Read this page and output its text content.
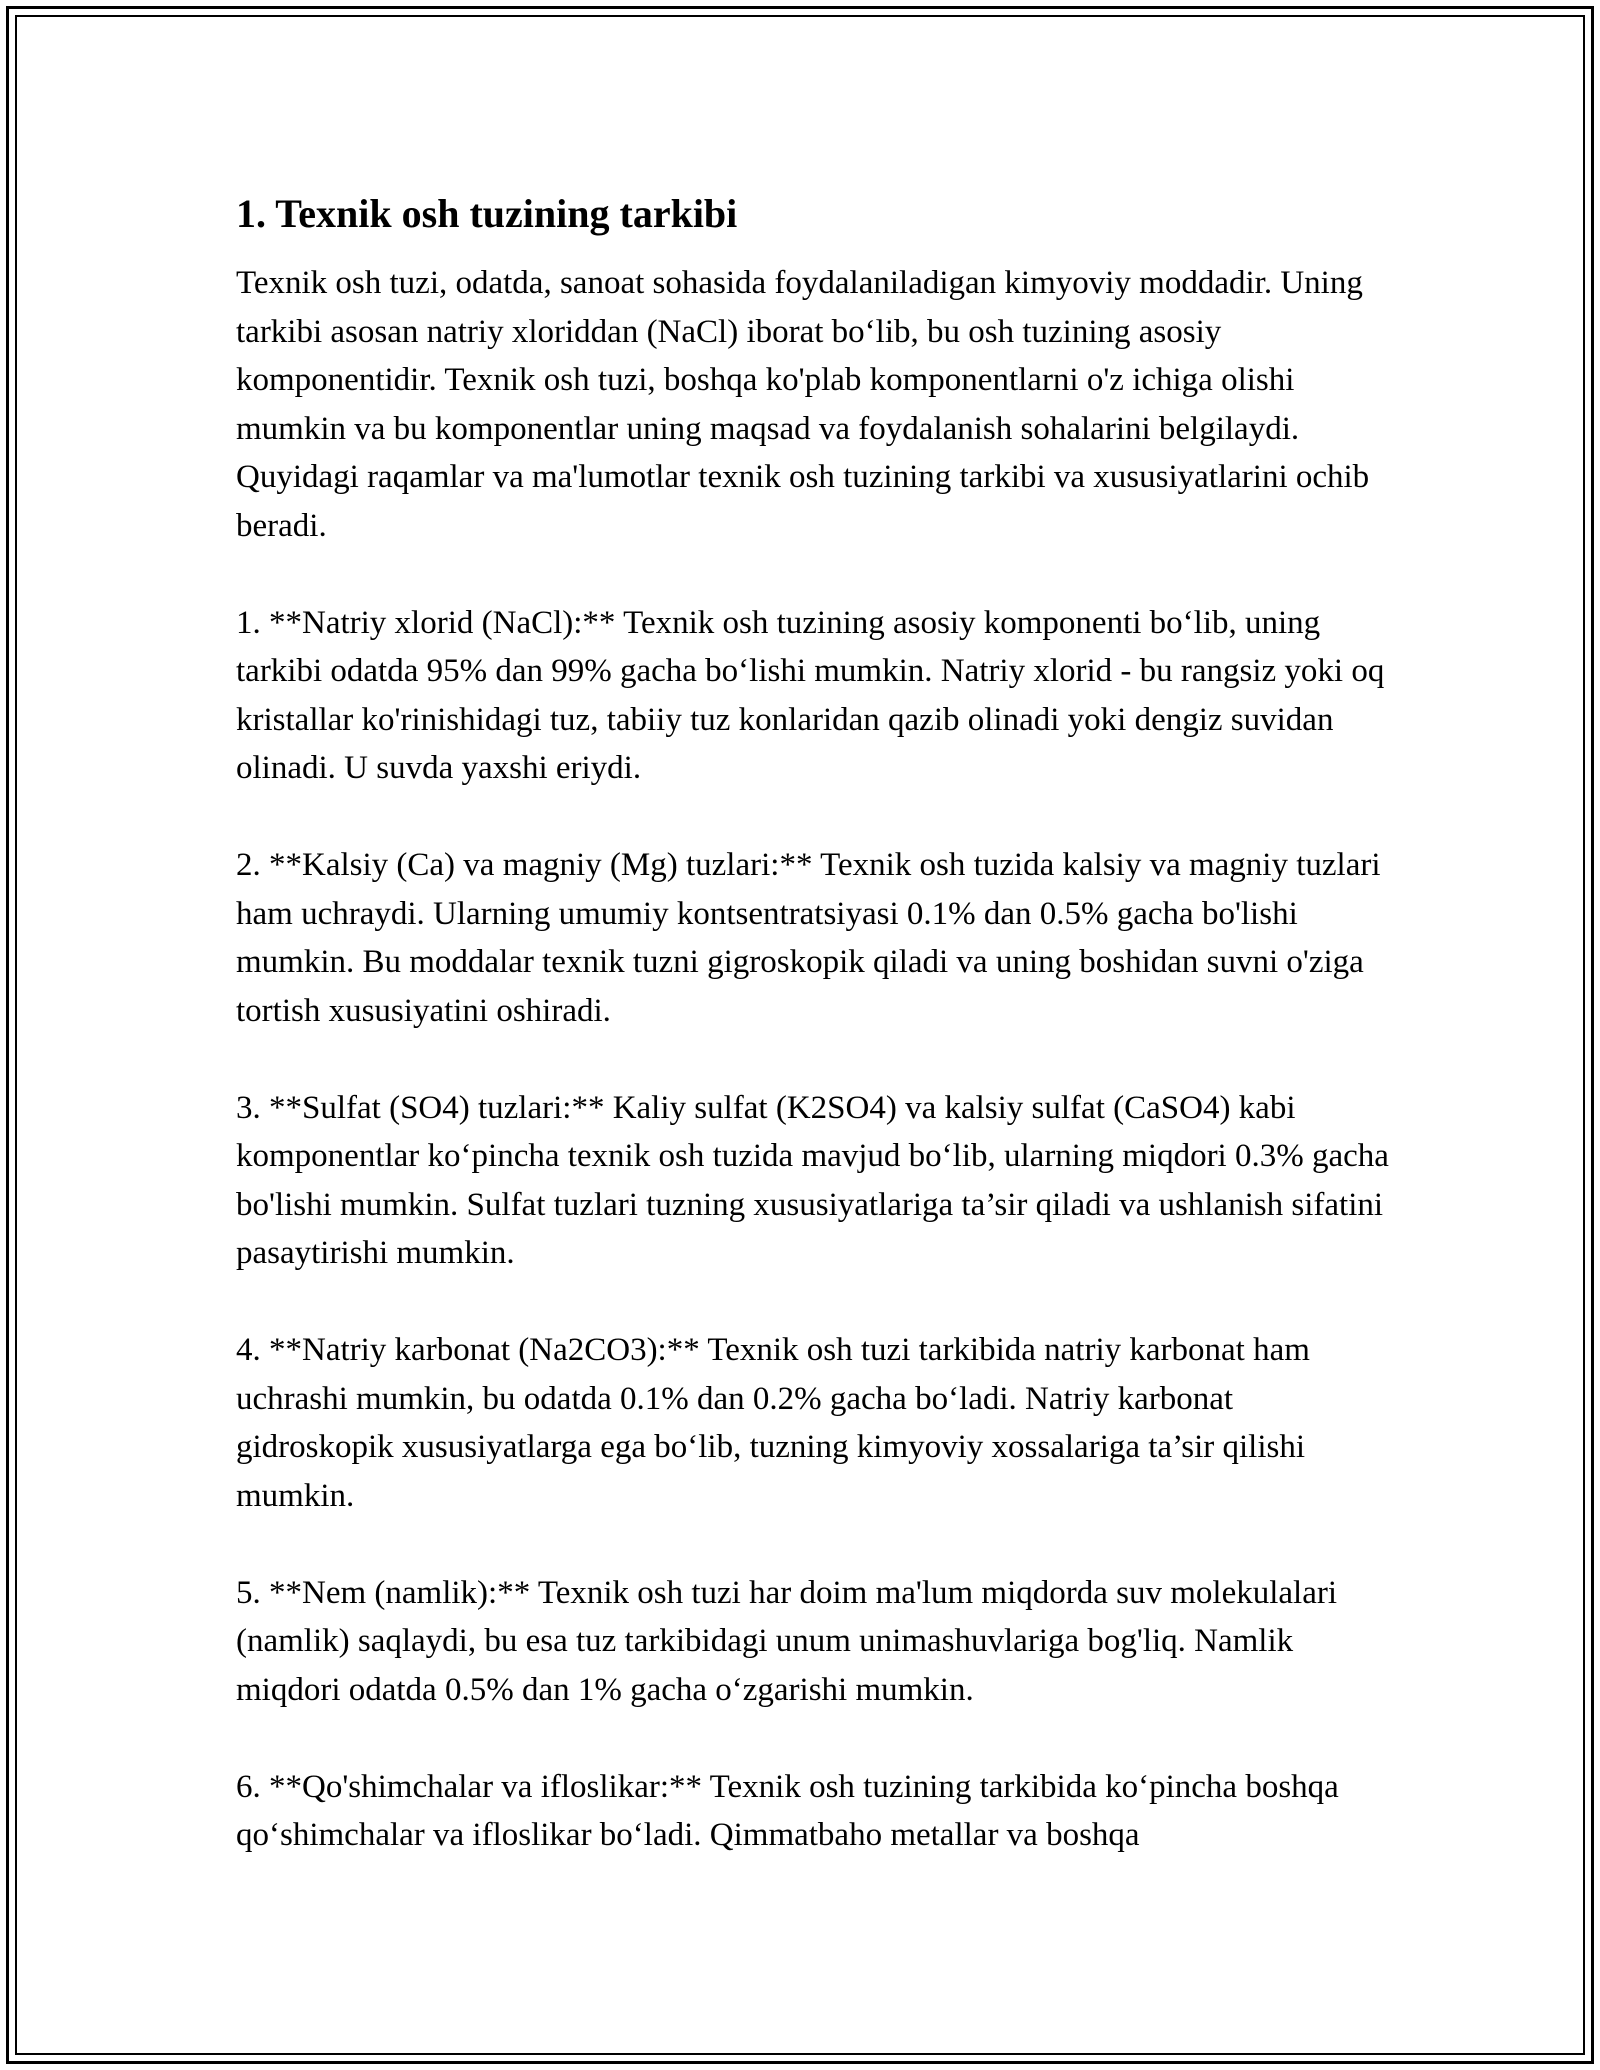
1. Texnik osh tuzining tarkibi

Texnik osh tuzi, odatda, sanoat sohasida foydalaniladigan kimyoviy moddadir. Uning tarkibi asosan natriy xloriddan (NaCl) iborat bo‘lib, bu osh tuzining asosiy komponentidir. Texnik osh tuzi, boshqa ko'plab komponentlarni o'z ichiga olishi mumkin va bu komponentlar uning maqsad va foydalanish sohalarini belgilaydi. Quyidagi raqamlar va ma'lumotlar texnik osh tuzining tarkibi va xususiyatlarini ochib beradi.

1. **Natriy xlorid (NaCl):** Texnik osh tuzining asosiy komponenti bo‘lib, uning tarkibi odatda 95% dan 99% gacha bo‘lishi mumkin. Natriy xlorid - bu rangsiz yoki oq kristallar ko'rinishidagi tuz, tabiiy tuz konlaridan qazib olinadi yoki dengiz suvidan olinadi. U suvda yaxshi eriydi.

2. **Kalsiy (Ca) va magniy (Mg) tuzlari:** Texnik osh tuzida kalsiy va magniy tuzlari ham uchraydi. Ularning umumiy kontsentratsiyasi 0.1% dan 0.5% gacha bo'lishi mumkin. Bu moddalar texnik tuzni gigroskopik qiladi va uning boshidan suvni o'ziga tortish xususiyatini oshiradi.

3. **Sulfat (SO4) tuzlari:** Kaliy sulfat (K2SO4) va kalsiy sulfat (CaSO4) kabi komponentlar ko‘pincha texnik osh tuzida mavjud bo‘lib, ularning miqdori 0.3% gacha bo'lishi mumkin. Sulfat tuzlari tuzning xususiyatlariga ta’sir qiladi va ushlanish sifatini pasaytirishi mumkin.

4. **Natriy karbonat (Na2CO3):** Texnik osh tuzi tarkibida natriy karbonat ham uchrashi mumkin, bu odatda 0.1% dan 0.2% gacha bo‘ladi. Natriy karbonat gidroskopik xususiyatlarga ega bo‘lib, tuzning kimyoviy xossalariga ta’sir qilishi mumkin.

5. **Nem (namlik):** Texnik osh tuzi har doim ma'lum miqdorda suv molekulalari (namlik) saqlaydi, bu esa tuz tarkibidagi unum unimashuvlariga bog'liq. Namlik miqdori odatda 0.5% dan 1% gacha o‘zgarishi mumkin.

6. **Qo'shimchalar va ifloslikar:** Texnik osh tuzining tarkibida ko‘pincha boshqa qo‘shimchalar va ifloslikar bo‘ladi. Qimmatbaho metallar va boshqa
